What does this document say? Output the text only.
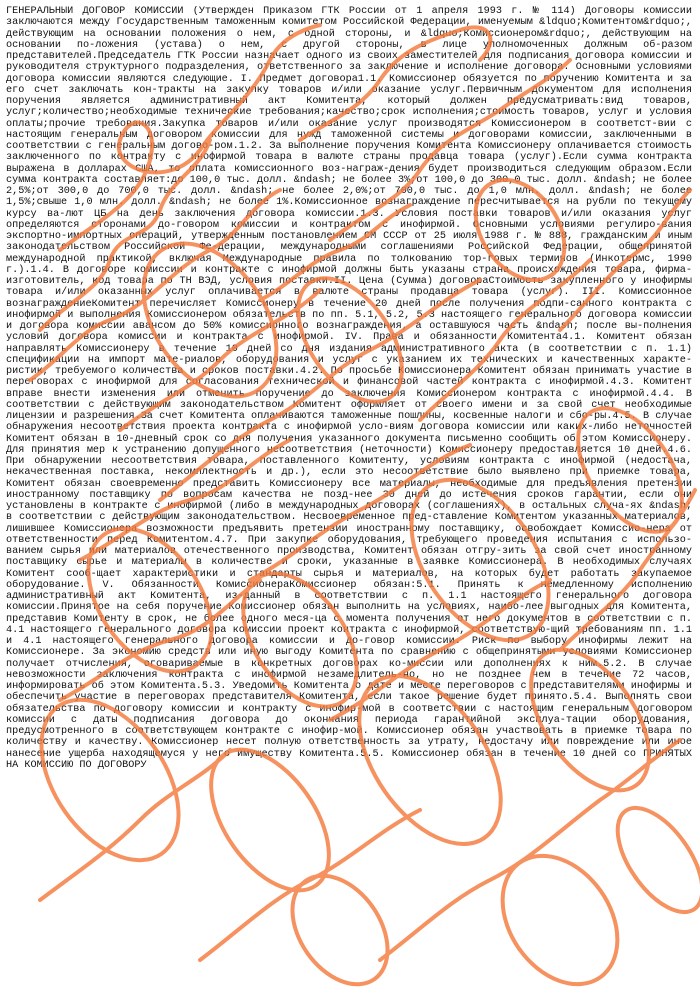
ГЕНЕРАЛЬНЫЙ ДОГОВОР КОМИССИИ (Утвержден Приказом ГТК России от 1 апреля 1993 г. № 114) Договоры комиссии заключаются между Государственным таможенным комитетом Российской Федерации, именуемым &ldquo;Комитентом&rdquo;, действующим на основании положения о нем, с одной стороны, и &ldquo;Комиссионером&rdquo;, действующим на основании по-ложения (устава) о нем, с другой стороны, в лице уполномоченных должным об-разом представителей.Председатель ГТК России назначает одного из своих заместителей для подписания договора комиссии и руководителя структурного подразделения, ответственного за заключение и исполнение договора. Основными условиями договора комиссии являются следующие. I. Предмет договора1.1. Комиссионер обязуется по поручению Комитента и за его счет заключать кон-тракты на закупку товаров и/или оказание услуг.Первичным документом для исполнения поручения является административный акт Комитента, который должен предусматривать:вид товаров, услуг;количество;необходимые технические требования;качество;срок исполнения;стоимость товаров, услуг и условия оплаты;прочие требования.Закупка товаров и/или оказание услуг производятся Комиссионером в соответст-вии с настоящим генеральным договором комиссии для нужд таможенной системы и договорами комиссии, заключенными в соответствии с генеральным догово-ром.1.2. За выполнение поручения Комитента Комиссионеру оплачивается стоимость заключенного по контракту с инофирмой товара в валюте страны продавца товара (услуг).Если сумма контракта выражена в долларах США, то оплата комиссионного воз-награж-дения будет производиться следующим образом.Если сумма контракта составляет:до 100,0 тыс. долл. &ndash; не более 3%;от 100,0 до 300,0 тыс. долл. &ndash; не более 2,5%;от 300,0 до 700,0 тыс. долл. &ndash; не более 2,0%;от 700,0 тыс. до 1,0 млн. долл. &ndash; не более 1,5%;свыше 1,0 млн. долл. &ndash; не более 1%.Комиссионное вознаграждение пересчитывается на рубли по текущему курсу ва-лют ЦБ на день заключения договора комиссии.1.3. Условия поставки товаров и/или оказания услуг определяются сторонами до-говором комиссии и контрактом с инофирмой. Основными условиями регулиро-вания экспортно-импортных операций, утвержденным постановлением СМ СССР от 25 июля 1988 г. № 888, гражданским и иным законодательством Российской Фе-дерации, международными соглашениями Российской Федерации, общепринятой международной практикой, включая Международные правила по толкованию тор-говых терминов (Инкотермс, 1990 г.).1.4. В договоре комиссии и контракте с инофирмой должны быть указаны страна происхождения товара, фирма-изготовитель, код товара по ТН ВЭД, условия поставки.II. Цена (Сумма) договораСтоимость закупленного у инофирмы товара и/или оказанных услуг оплачивается в валюте страны продавца товара (услуг). III. Комиссионное вознаграждениеКомитент перечисляет Комиссионеру в течение 20 дней после получения подпи-санного контракта с инофирмой и выполнения Комиссионером обязательств по пп. 5.1, 5.2, 5.3 настоящего генерального договора комиссии и договора комиссии авансом до 50% комиссионного вознаграждения, а оставшуюся часть &ndash; после вы-полнения условий договора комиссии и контракта с инофирмой. IV. Права и обязанности Комитента4.1. Комитент обязан направлять Комиссионеру в течение 10 дней со дня издания административного акта (в соответствии с п. 1.1) спецификации на импорт мате-риалов, оборудования и услуг с указанием их технических и качественных характе-ристик, требуемого количества и сроков поставки.4.2. По просьбе Комиссионера Комитент обязан принимать участие в переговорах с инофирмой для согласования технической и финансовой частей контракта с инофирмой.4.3. Комитент вправе внести изменения или отменить поручение до заключения Комиссионером контракта с инофирмой.4.4. В соответствии с действующим законодательством Комитент оформляет от своего имени и за свой счет необходимые лицензии и разрешения.За счет Комитента оплачиваются таможенные пошлины, косвенные налоги и сбо-ры.4.5. В случае обнаружения несоответствия проекта контракта с инофирмой усло-виям договора комиссии или каких-либо неточностей Комитент обязан в 10-дневный срок со дня получения указанного документа письменно сообщить об этом Комиссионеру. Для принятия мер к устранению допущенного несоответствия (неточности) Комиссионеру предоставляется 10 дней.4.6. При обнаружении несоответствия товара, поставленного Комитенту, условиям контракта с инофирмой (недостача, некачественная поставка, некомплектность и др.), если это несоответствие было выявлено при приемке товара, Комитент обязан своевременно представить Комиссионеру все материалы, необходимые для предъявления претензии иностранному поставщику по вопросам качества не позд-нее 30 дней до истечения сроков гарантии, если они установлены в контракте с инофирмой (либо в международных договорах (соглашениях), в остальных случа-ях &ndash; в соответствии с действующим законодательством. Несвоевременное пред-ставление Комитентом указанных материалов, лишившее Комиссионера возможности предъявить претензии иностранному поставщику, освобождает Комиссио-нера от ответственности перед Комитентом.4.7. При закупке оборудования, требующего проведения испытания с использо-ванием сырья или материалов отечественного производства, Комитент обязан отгру-зить за свой счет иностранному поставщику сырье и материалы в количестве и сроки, указанные в заявке Комиссионера. В необходимых случаях Комитент сооб-щает характеристики и стандарты сырья и материалов, на которых будет работать закупаемое оборудование. V. Обязанности КомиссионераКомиссионер обязан:5.1. Принять к немедленному исполнению административный акт Комитента, из-данный в соответствии с п. 1.1 настоящего генерального договора комиссии.Принятое на себя поручение Комиссионер обязан выполнить на условиях, наибо-лее выгодных для Комитента, представив Комитенту в срок, не более одного меся-ца с момента получения от него документов в соответствии с п. 4.1 настоящего генерального договора комиссии проект контракта с инофирмой, соответствую-щий требованиям пп. 1.1 и 4.1 настоящего генерального договора комиссии и до-говор комиссии. Риск по выбору инофирмы лежит на Комиссионере. За экономию средств или иную выгоду Комитента по сравнению с общепринятыми условиями Комиссионер получает отчисления, оговариваемые в конкретных договорах ко-миссии или дополнениях к ним.5.2. В случае невозможности заключения контракта с инофирмой незамедлитель-но, но не позднее чем в течение 72 часов, информировать об этом Комитента.5.3. Уведомить Комитента о дате и месте переговоров с представителями инофирмы и обеспечить участие в переговорах представителя Комитента, если такое решение будет принято.5.4. Выполнять свои обязательства по договору комиссии и контракту с инофир-мой в соответствии с настоящим генеральным договором комиссии с даты подписания договора до окончания периода гарантийной эксплуа-тации оборудования, предусмотренного в соответствующем контракте с инофир-мой. Комиссионер обязан участвовать в приемке товара по количеству и качеству. Комиссионер несет полную ответственность за утрату, недостачу или повреждение или иное нанесение ущерба находящемуся у него имуществу Комитента.5.5. Комиссионер обязан в течение 10 дней со ПРИНЯТЫХ НА КОМИССИЮ ПО ДОГОВОРУ
